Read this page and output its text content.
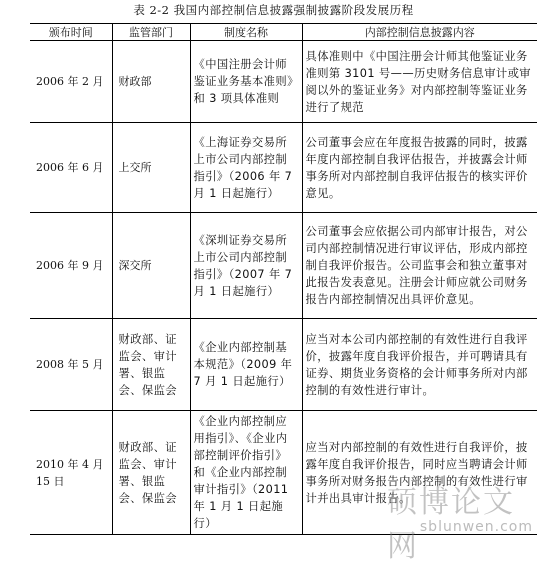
表 2-2 我国内部控制信息披露强制披露阶段发展历程
颁布时间	监管部门	制度名称	内部控制信息披露内容
2006 年 2 月	财政部	《中国注册会计师鉴证业务基本准则》和 3 项具体准则	具体准则中《中国注册会计师其他鉴证业务准则第 3101 号——历史财务信息审计或审阅以外的鉴证业务》对内部控制等鉴证业务进行了规范
2006 年 6 月	上交所	《上海证券交易所上市公司内部控制指引》（2006 年 7 月 1 日起施行）	公司董事会应在年度报告披露的同时，披露年度内部控制自我评估报告，并披露会计师事务所对内部控制自我评估报告的核实评价意见。
2006 年 9 月	深交所	《深圳证券交易所上市公司内部控制指引》（2007 年 7 月 1 日起施行）	公司董事会应依据公司内部审计报告，对公司内部控制情况进行审议评估，形成内部控制自我评价报告。公司监事会和独立董事对此报告发表意见。注册会计师应就公司财务报告内部控制情况出具评价意见。
2008 年 5 月	财政部、证监会、审计署、银监会、保监会	《企业内部控制基本规范》（2009 年 7 月 1 日起施行）	应当对本公司内部控制的有效性进行自我评价，披露年度自我评价报告，并可聘请具有证券、期货业务资格的会计师事务所对内部控制的有效性进行审计。
2010 年 4 月 15 日	财政部、证监会、审计署、银监会、保监会	《企业内部控制应用指引》、《企业内部控制评价指引》和《企业内部控制审计指引》（2011 年 1 月 1 日起施行）	应当对内部控制的有效性进行自我评价，披露年度自我评价报告，同时应当聘请会计师事务所对财务报告内部控制的有效性进行审计并出具审计报告。
硕博论文网
sblunwen.com
